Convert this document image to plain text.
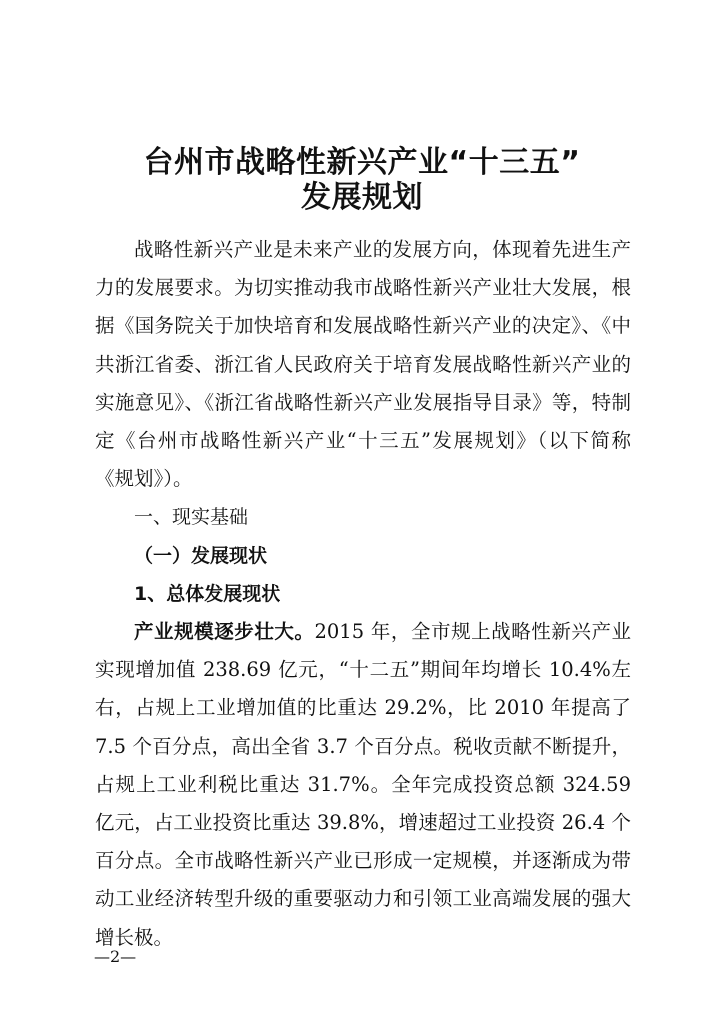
台州市战略性新兴产业“十三五”
发展规划

战略性新兴产业是未来产业的发展方向，体现着先进生产力的发展要求。为切实推动我市战略性新兴产业壮大发展，根据《国务院关于加快培育和发展战略性新兴产业的决定》、《中共浙江省委、浙江省人民政府关于培育发展战略性新兴产业的实施意见》、《浙江省战略性新兴产业发展指导目录》等，特制定《台州市战略性新兴产业“十三五”发展规划》（以下简称《规划》）。

一、现实基础

（一）发展现状

1、总体发展现状

产业规模逐步壮大。2015 年，全市规上战略性新兴产业实现增加值 238.69 亿元，“十二五”期间年均增长 10.4%左右，占规上工业增加值的比重达 29.2%，比 2010 年提高了 7.5 个百分点，高出全省 3.7 个百分点。税收贡献不断提升，占规上工业利税比重达 31.7%。全年完成投资总额 324.59 亿元，占工业投资比重达 39.8%，增速超过工业投资 26.4 个百分点。全市战略性新兴产业已形成一定规模，并逐渐成为带动工业经济转型升级的重要驱动力和引领工业高端发展的强大增长极。

—2—
